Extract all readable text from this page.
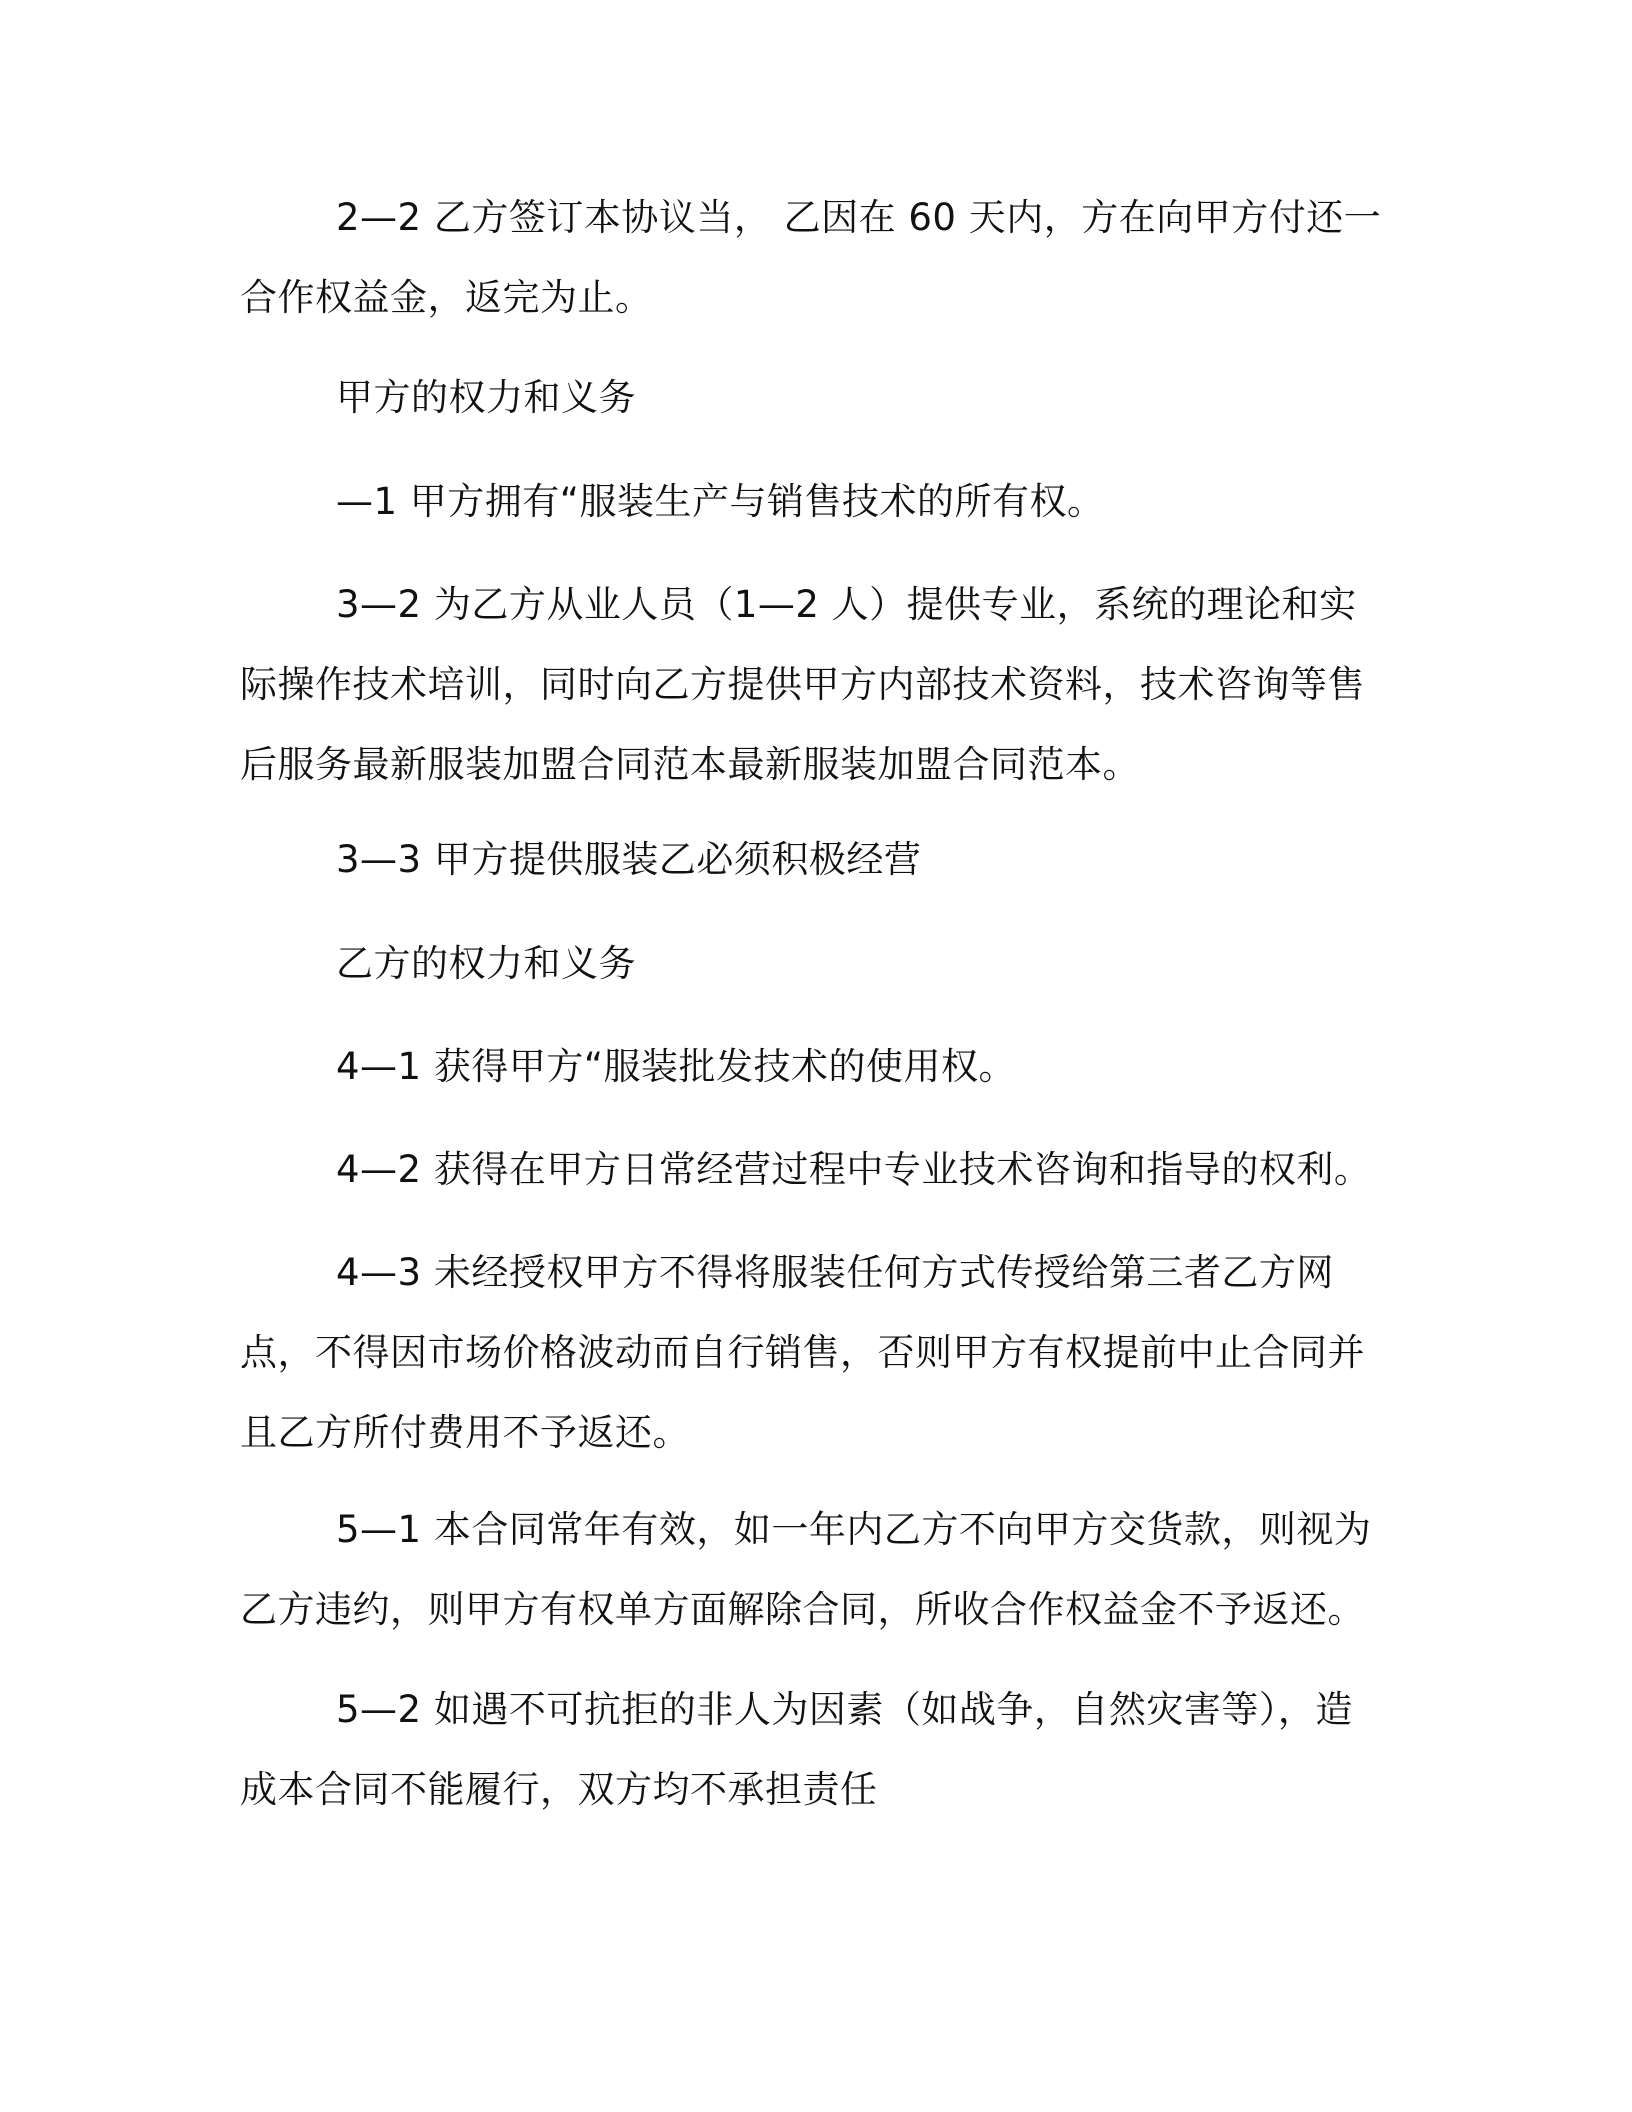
2—2 乙方签订本协议当， 乙因在 60 天内，方在向甲方付还一合作权益金，返完为止。

甲方的权力和义务

—1 甲方拥有“服装生产与销售技术的所有权。

3—2 为乙方从业人员（1—2 人）提供专业，系统的理论和实际操作技术培训，同时向乙方提供甲方内部技术资料，技术咨询等售后服务最新服装加盟合同范本最新服装加盟合同范本。

3—3 甲方提供服装乙必须积极经营

乙方的权力和义务

4—1 获得甲方“服装批发技术的使用权。

4—2 获得在甲方日常经营过程中专业技术咨询和指导的权利。

4—3 未经授权甲方不得将服装任何方式传授给第三者乙方网点，不得因市场价格波动而自行销售，否则甲方有权提前中止合同并且乙方所付费用不予返还。

5—1 本合同常年有效，如一年内乙方不向甲方交货款，则视为乙方违约，则甲方有权单方面解除合同，所收合作权益金不予返还。

5—2 如遇不可抗拒的非人为因素（如战争，自然灾害等），造成本合同不能履行，双方均不承担责任
